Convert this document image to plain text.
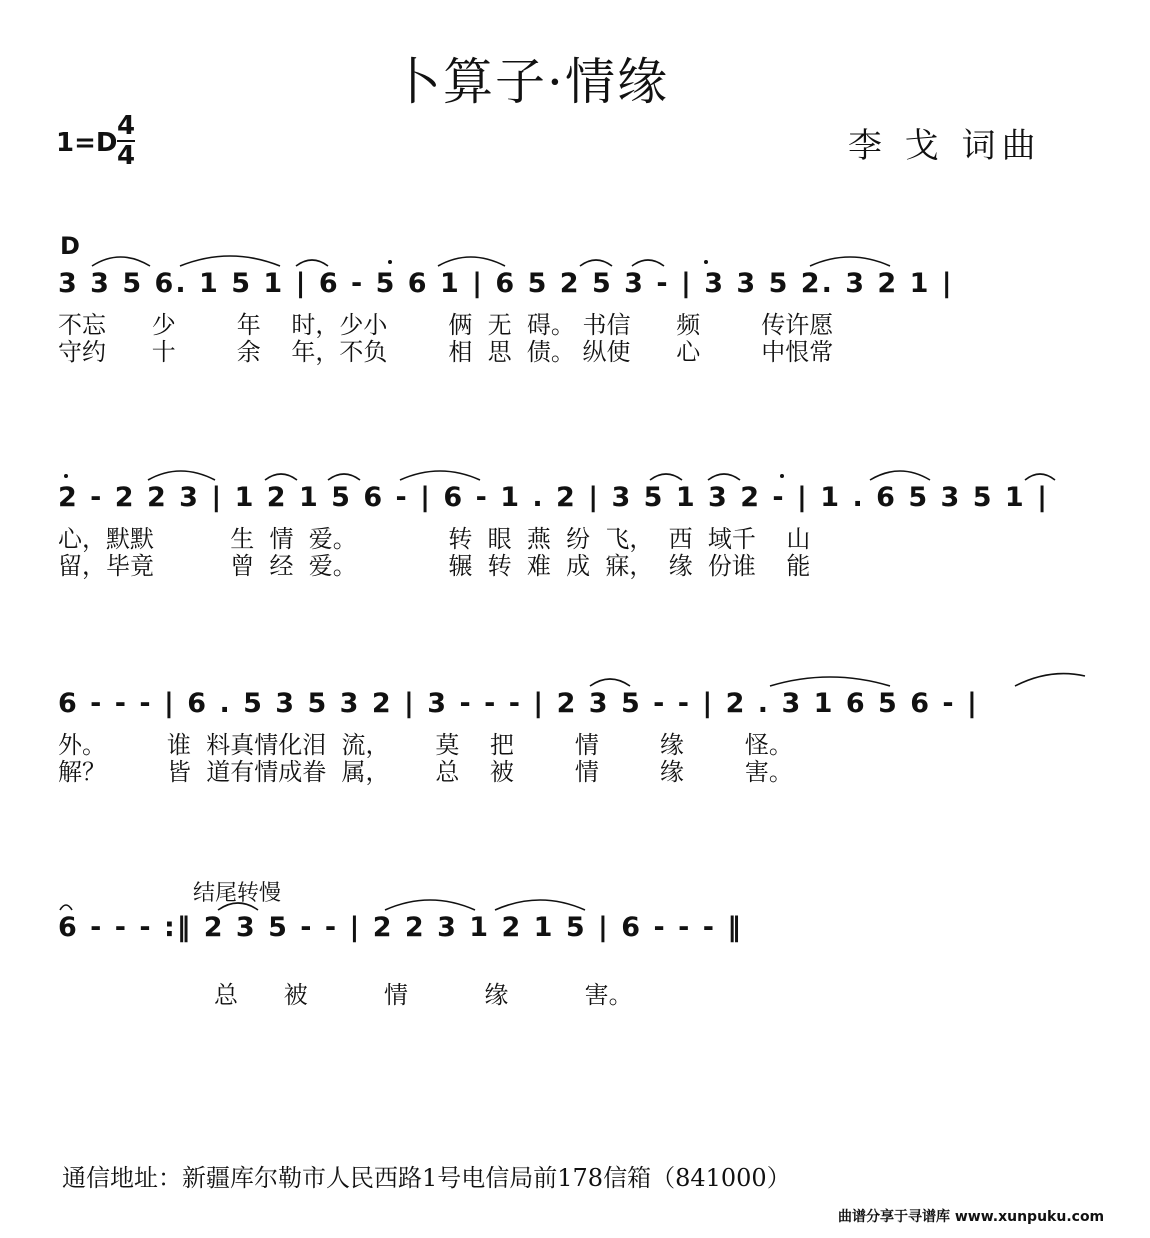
卜算子·情缘
1=D
4
4	李 戈 词曲
D
3 3 5 6. 1 5 1 | 6 - 5 6 1 | 6 5 2 5 3 - | 3 3 5 2. 3 2 1 |
不忘      少        年    时，少小        俩  无  碍。 书信      频        传许愿
守约      十        余    年，不负        相  思  债。 纵使      心        中恨常
2 - 2 2 3 | 1 2 1 5 6 - | 6 - 1 . 2 | 3 5 1 3 2 - | 1 . 6 5 3 5 1 |
心，默默          生  情  爱。            转  眼  燕  纷  飞，  西  域千    山
留，毕竟          曾  经  爱。            辗  转  难  成  寐，  缘  份谁    能
6 - - - | 6 . 5 3 5 3 2 | 3 - - - | 2 3 5 - - | 2 . 3 1 6 5 6 - |
外。        谁  料真情化泪  流，      莫    把        情        缘        怪。
解？        皆  道有情成眷  属，      总    被        情        缘        害。
结尾转慢
6 - - - :‖ 2 3 5 - - | 2 2 3 1 2 1 5 | 6 - - - ‖
总      被          情          缘          害。
通信地址：新疆库尔勒市人民西路1号电信局前178信箱（841000）
曲谱分享于寻谱库 www.xunpuku.com
